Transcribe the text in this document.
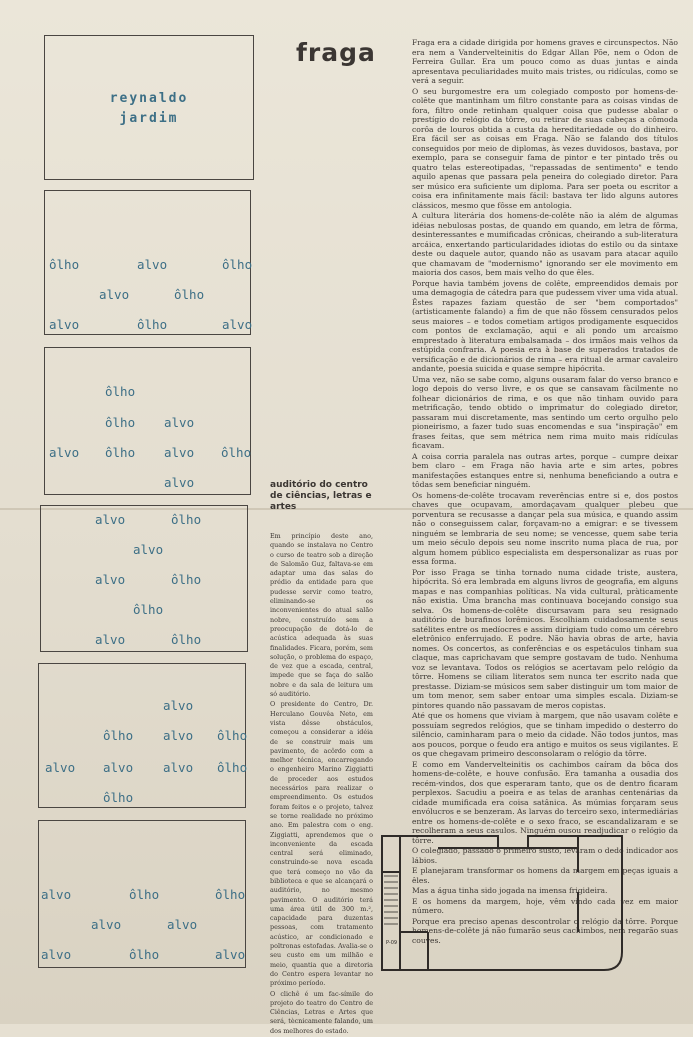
reynaldo
jardim
ôlho	alvo	ôlho
alvo	ôlho
alvo	ôlho	alvo
ôlho
ôlho alvo
alvo ôlho alvo ôlho
alvo
alvo	ôlho
alvo
alvo	ôlho
ôlho
alvo	ôlho
alvo
ôlho alvo ôlho
alvo alvo alvo ôlho
ôlho
alvo	ôlho	ôlho
alvo	alvo
alvo	ôlho	alvo
fraga	Fraga era a cidade dirigida por homens graves e circunspectos. Não era nem a Vandervelteinitis do Edgar Allan Põe, nem o Odon de Ferreira Gullar. Era um pouco como as duas juntas e ainda apresentava peculiaridades muito mais tristes, ou ridículas, como se verá a seguir.

O seu burgomestre era um colegiado composto por homens-de-colête que mantinham um filtro constante para as coisas vindas de fora, filtro onde retinham qualquer coisa que pudesse abalar o prestígio do relógio da tôrre, ou retirar de suas cabeças a cômoda corôa de louros obtida a custa da hereditariedade ou do dinheiro. Era fácil ser as coisas em Fraga. Não se falando dos títulos conseguidos por meio de diplomas, às vezes duvidosos, bastava, por exemplo, para se conseguir fama de pintor e ter pintado três ou quatro telas estereotipadas, "repassadas de sentimento" e tendo aquilo apenas que passara pela peneira do colegiado diretor. Para ser músico era suficiente um diploma. Para ser poeta ou escritor a coisa era infinitamente mais fácil: bastava ter lido alguns autores clássicos, mesmo que fôsse em antologia.

A cultura literária dos homens-de-colête não ia além de algumas idéias nebulosas postas, de quando em quando, em letra de fôrma, desinteressantes e mumificadas crônicas, cheirando a sub-literatura arcáica, enxertando particularidades idiotas do estilo ou da sintaxe deste ou daquele autor, quando não as usavam para atacar aquilo que chamavam de "modernismo" ignorando ser ele movimento em maioria dos casos, bem mais velho do que êles.

Porque havia também jovens de colête, empreendidos demais por uma demagogia de cátedra para que pudessem viver uma vida atual. Êstes rapazes faziam questão de ser "bem comportados" (artisticamente falando) a fim de que não fôssem censurados pelos seus maiores – e todos cometiam artigos prodigamente esquecidos com pontos de exclamação, aqui e ali pondo um arcaísmo emprestado à literatura embalsamada – dos irmãos mais velhos da estúpida confraria. A poesia era à base de superados tratados de versificação e de dicionários de rima – era ritual de armar cavaleiro andante, poesia suicida e quase sempre hipócrita.

Uma vez, não se sabe como, alguns ousaram falar do verso branco e logo depois do verso livre, e os que se cansavam fàcilmente no folhear dicionários de rima, e os que não tinham ouvido para metrificação, tendo obtido o imprimatur do colegiado diretor, passaram mui discretamente, mas sentindo um certo orgulho pelo pioneirismo, a fazer tudo suas encomendas e sua "inspiração" em frases feitas, que sem métrica nem rima muito mais ridículas ficavam.

A coisa corria paralela nas outras artes, porque – cumpre deixar bem claro – em Fraga não havia arte e sim artes, pobres manifestações estanques entre si, nenhuma beneficiando a outra e tôdas sem beneficiar ninguém.

Os homens-de-colête trocavam reverências entre si e, dos postos chaves que ocupavam, amordaçavam qualquer plebeu que porventura se recusasse a dançar pela sua música, e quando assim não o conseguissem calar, forçavam-no a emigrar: e se tivessem ninguém se lembraria de seu nome; se vencesse, quem sabe teria um meio século depois seu nome inscrito numa placa de rua, por algum homem público especialista em despersonalizar as ruas por essa forma.

Por isso Fraga se tinha tornado numa cidade triste, austera, hipócrita. Só era lembrada em alguns livros de geografia, em alguns mapas e nas companhias políticas. Na vida cultural, pràticamente não existia. Uma brancha mas continuava bocejando consigo sua selva. Os homens-de-colête discursavam para seu resignado auditório de burafinos lorêmicos. Escolhiam cuidadosamente seus satélites entre os medíocres e assim dirigiam tudo como um cérebro eletrônico enferrujado. E podre. Não havia obras de arte, havia nomes. Os concertos, as conferências e os espetáculos tinham sua claque, mas caprichavam que sempre gostavam de tudo. Nenhuma voz se levantava. Todos os relógios se acertavam pelo relógio da tôrre. Homens se ciliam literatos sem nunca ter escrito nada que prestasse. Diziam-se músicos sem saber distinguir um tom maior de um tom menor, sem saber entoar uma simples escala. Diziam-se pintores quando não passavam de meros copistas.

Até que os homens que viviam à margem, que não usavam colête e possuíam segredos relógios, que se tinham impedido o desterro do silêncio, caminharam para o meio da cidade. Não todos juntos, mas aos poucos, porque o feudo era antigo e muitos os seus vigilantes. E os que chegavam primeiro desconsolaram o relógio da tôrre.

E como em Vandervelteinitis os cachimbos caíram da bôca dos homens-de-colête, e houve confusão. Era tamanha a ousadia dos recém-vindos, dos que esperaram tanto, que os de dentro ficaram perplexos. Sacudiu a poeira e as telas de aranhas centenárias da cidade mumificada era coisa satânica. As múmias forçaram seus envólucros e se benzeram. As larvas do terceiro sexo, intermediárias entre os homens-de-colête e o sexo fraco, se escandalizaram e se recolheram a seus casulos. Ninguém ousou readjudicar o relógio da tôrre.

O colegiado, passado o primeiro susto, levaram o dedo indicador aos lábios.

E planejaram transformar os homens da margem em peças iguais a êles.

Mas a água tinha sido jogada na imensa frigideira.

E os homens da margem, hoje, vêm vindo cada vez em maior número.

Porque era preciso apenas descontrolar o relógio da tôrre. Porque homens-de-colête já não fumarão seus cachimbos, nem regarão suas couves.

auditório do centro
de ciências, letras e
artes

Em princípio deste ano, quando se instalava no Centro o curso de teatro sob a direção de Salomão Guz, faltava-se em adaptar uma das salas do prédio da entidade para que pudesse servir como teatro, eliminando-se os inconvenientes do atual salão nobre, construído sem a preocupação de dotá-lo de acústica adequada às suas finalidades. Ficara, porém, sem solução, o problema do espaço, de vez que a escada, central, impede que se faça do salão nobre e da sala de leitura um só auditório.

O presidente do Centro, Dr. Herculano Gouvêa Neto, em vista dêsse obstáculos, começou a considerar a idéia de se construir mais um pavimento, de acôrdo com a melhor técnica, encarregando o engenheiro Marino Ziggiatti de proceder aos estudos necessários para realizar o empreendimento. Os estudos foram feitos e o projeto, talvez se torne realidade no próximo ano. Em palestra com o eng. Ziggiatti, aprendemos que o inconveniente da escada central será eliminado, construindo-se nova escada que terá começo no vão da biblioteca e que se alcançará o auditório, no mesmo pavimento. O auditório terá uma área útil de 300 m.², capacidade para duzentas pessoas, com tratamento acústico, ar condicionado e poltronas estofadas. Avalia-se o seu custo em um milhão e meio, quantia que a diretoria do Centro espera levantar no próximo período.

O clichê é um fac-símile do projeto do teatro do Centro de Ciências, Letras e Artes que será, tècnicamente falando, um dos melhores do estado.

P-09
